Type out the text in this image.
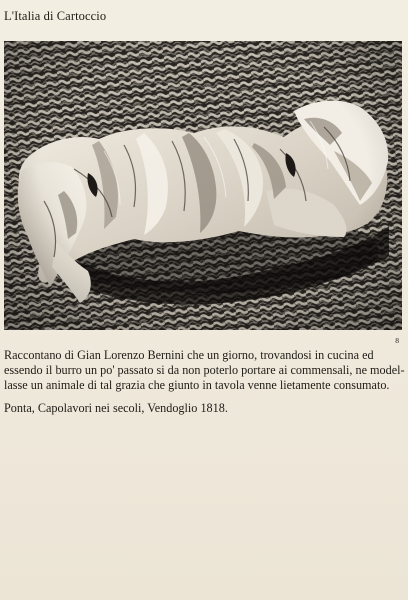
L'Italia di Cartoccio
8

Raccontano di Gian Lorenzo Bernini che un giorno, trovandosi in cucina ed
essendo il burro un po' passato si da non poterlo portare ai commensali, ne model-
lasse un animale di tal grazia che giunto in tavola venne lietamente consumato.

Ponta, Capolavori nei secoli, Vendoglio 1818.
